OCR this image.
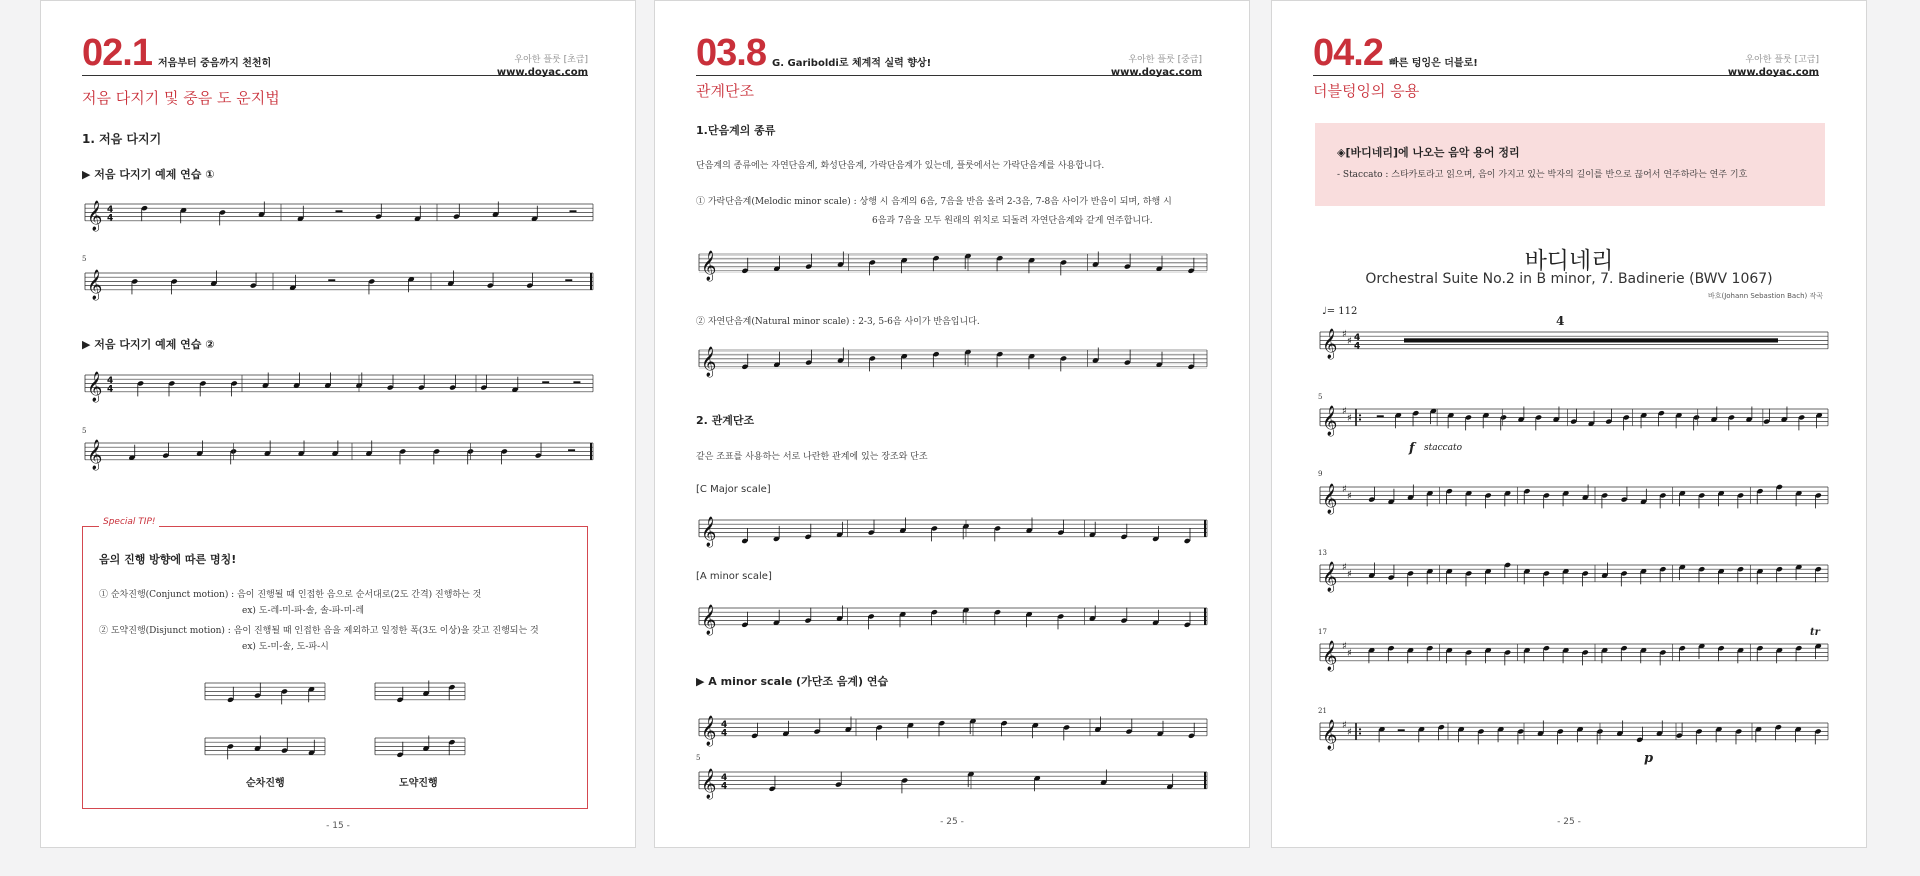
02.1 저음부터 중음까지 천천히	우아한 플룻 [초급]
www.doyac.com
저음 다지기 및 중음 도 운지법
1. 저음 다지기
▶ 저음 다지기 예제 연습 ①
𝄞 4
4
5
𝄞
▶ 저음 다지기 예제 연습 ②
𝄞 4
4
5
𝄞
Special TIP!
음의 진행 방향에 따른 명칭!
① 순차진행(Conjunct motion) : 음이 진행될 때 인접한 음으로 순서대로(2도 간격) 진행하는 것
ex) 도-레-미-파-솔, 솔-파-미-레
② 도약진행(Disjunct motion) : 음이 진행될 때 인접한 음을 제외하고 일정한 폭(3도 이상)을 갖고 진행되는 것
ex) 도-미-솔, 도-파-시
순차진행	도약진행
- 15 -
03.8 G. Gariboldi로 체계적 실력 향상!	우아한 플룻 [중급]
www.doyac.com
관계단조
1.단음계의 종류
단음계의 종류에는 자연단음계, 화성단음계, 가락단음계가 있는데, 플룻에서는 가락단음계를 사용합니다.
① 가락단음계(Melodic minor scale) : 상행 시 음계의 6음, 7음을 반음 올려 2-3음, 7-8음 사이가 반음이 되며, 하행 시
6음과 7음을 모두 원래의 위치로 되돌려 자연단음계와 같게 연주합니다.
𝄞
② 자연단음계(Natural minor scale) : 2-3, 5-6음 사이가 반음입니다.
𝄞
2. 관계단조
같은 조표를 사용하는 서로 나란한 관계에 있는 장조와 단조
[C Major scale]
𝄞
[A minor scale]
𝄞
▶ A minor scale (가단조 음계) 연습
𝄞 4
4
5
𝄞 4
4
- 25 -
04.2 빠른 텅잉은 더블로!	우아한 플룻 [고급]
www.doyac.com
더블텅잉의 응용
◈[바디네리]에 나오는 음악 용어 정리
- Staccato : 스타카토라고 읽으며, 음이 가지고 있는 박자의 길이를 반으로 끊어서 연주하라는 연주 기호
바디네리
Orchestral Suite No.2 in B minor, 7. Badinerie (BWV 1067)
바흐(Johann Sebastion Bach) 작곡
♩= 112
4
𝄞 ♯
♯ 4
4
5
𝄞 ♯
♯
f staccato
9
𝄞 ♯
♯
13
𝄞 ♯
♯
17
𝄞 ♯
♯
tr
21
𝄞 ♯
♯
p
- 25 -
